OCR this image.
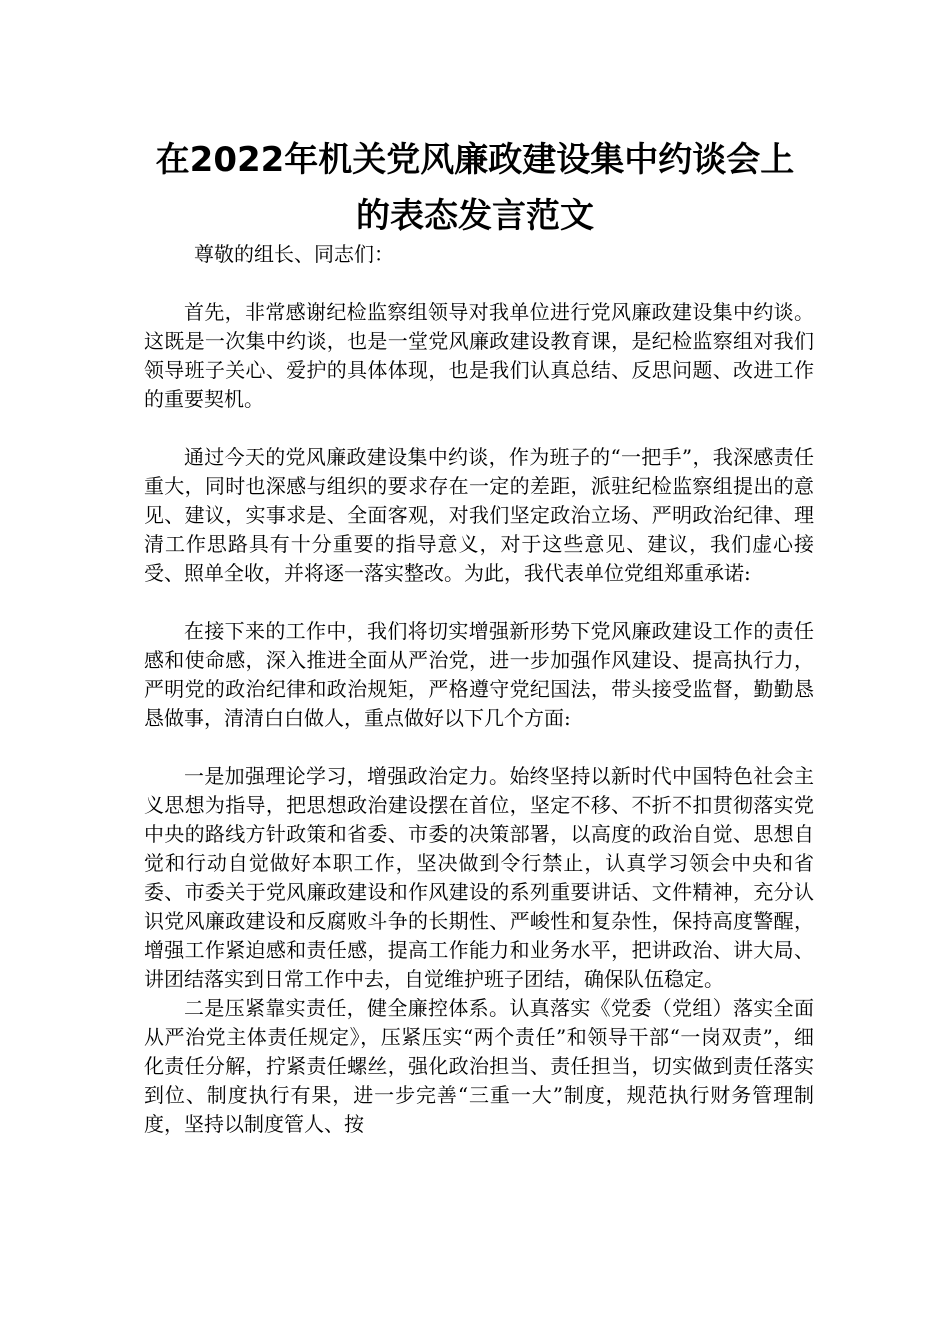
在2022年机关党风廉政建设集中约谈会上
的表态发言范文

尊敬的组长、同志们：

首先，非常感谢纪检监察组领导对我单位进行党风廉政建设集中约谈。这既是一次集中约谈，也是一堂党风廉政建设教育课，是纪检监察组对我们领导班子关心、爱护的具体体现，也是我们认真总结、反思问题、改进工作的重要契机。

通过今天的党风廉政建设集中约谈，作为班子的“一把手”，我深感责任重大，同时也深感与组织的要求存在一定的差距，派驻纪检监察组提出的意见、建议，实事求是、全面客观，对我们坚定政治立场、严明政治纪律、理清工作思路具有十分重要的指导意义，对于这些意见、建议，我们虚心接受、照单全收，并将逐一落实整改。为此，我代表单位党组郑重承诺:

在接下来的工作中，我们将切实增强新形势下党风廉政建设工作的责任感和使命感，深入推进全面从严治党，进一步加强作风建设、提高执行力，严明党的政治纪律和政治规矩，严格遵守党纪国法，带头接受监督，勤勤恳恳做事，清清白白做人，重点做好以下几个方面:

一是加强理论学习，增强政治定力。始终坚持以新时代中国特色社会主义思想为指导，把思想政治建设摆在首位，坚定不移、不折不扣贯彻落实党中央的路线方针政策和省委、市委的决策部署，以高度的政治自觉、思想自觉和行动自觉做好本职工作，坚决做到令行禁止，认真学习领会中央和省委、市委关于党风廉政建设和作风建设的系列重要讲话、文件精神，充分认识党风廉政建设和反腐败斗争的长期性、严峻性和复杂性，保持高度警醒，增强工作紧迫感和责任感，提高工作能力和业务水平，把讲政治、讲大局、讲团结落实到日常工作中去，自觉维护班子团结，确保队伍稳定。

二是压紧靠实责任，健全廉控体系。认真落实《党委（党组）落实全面从严治党主体责任规定》，压紧压实“两个责任”和领导干部“一岗双责”，细化责任分解，拧紧责任螺丝，强化政治担当、责任担当，切实做到责任落实到位、制度执行有果，进一步完善“三重一大”制度，规范执行财务管理制度，坚持以制度管人、按
